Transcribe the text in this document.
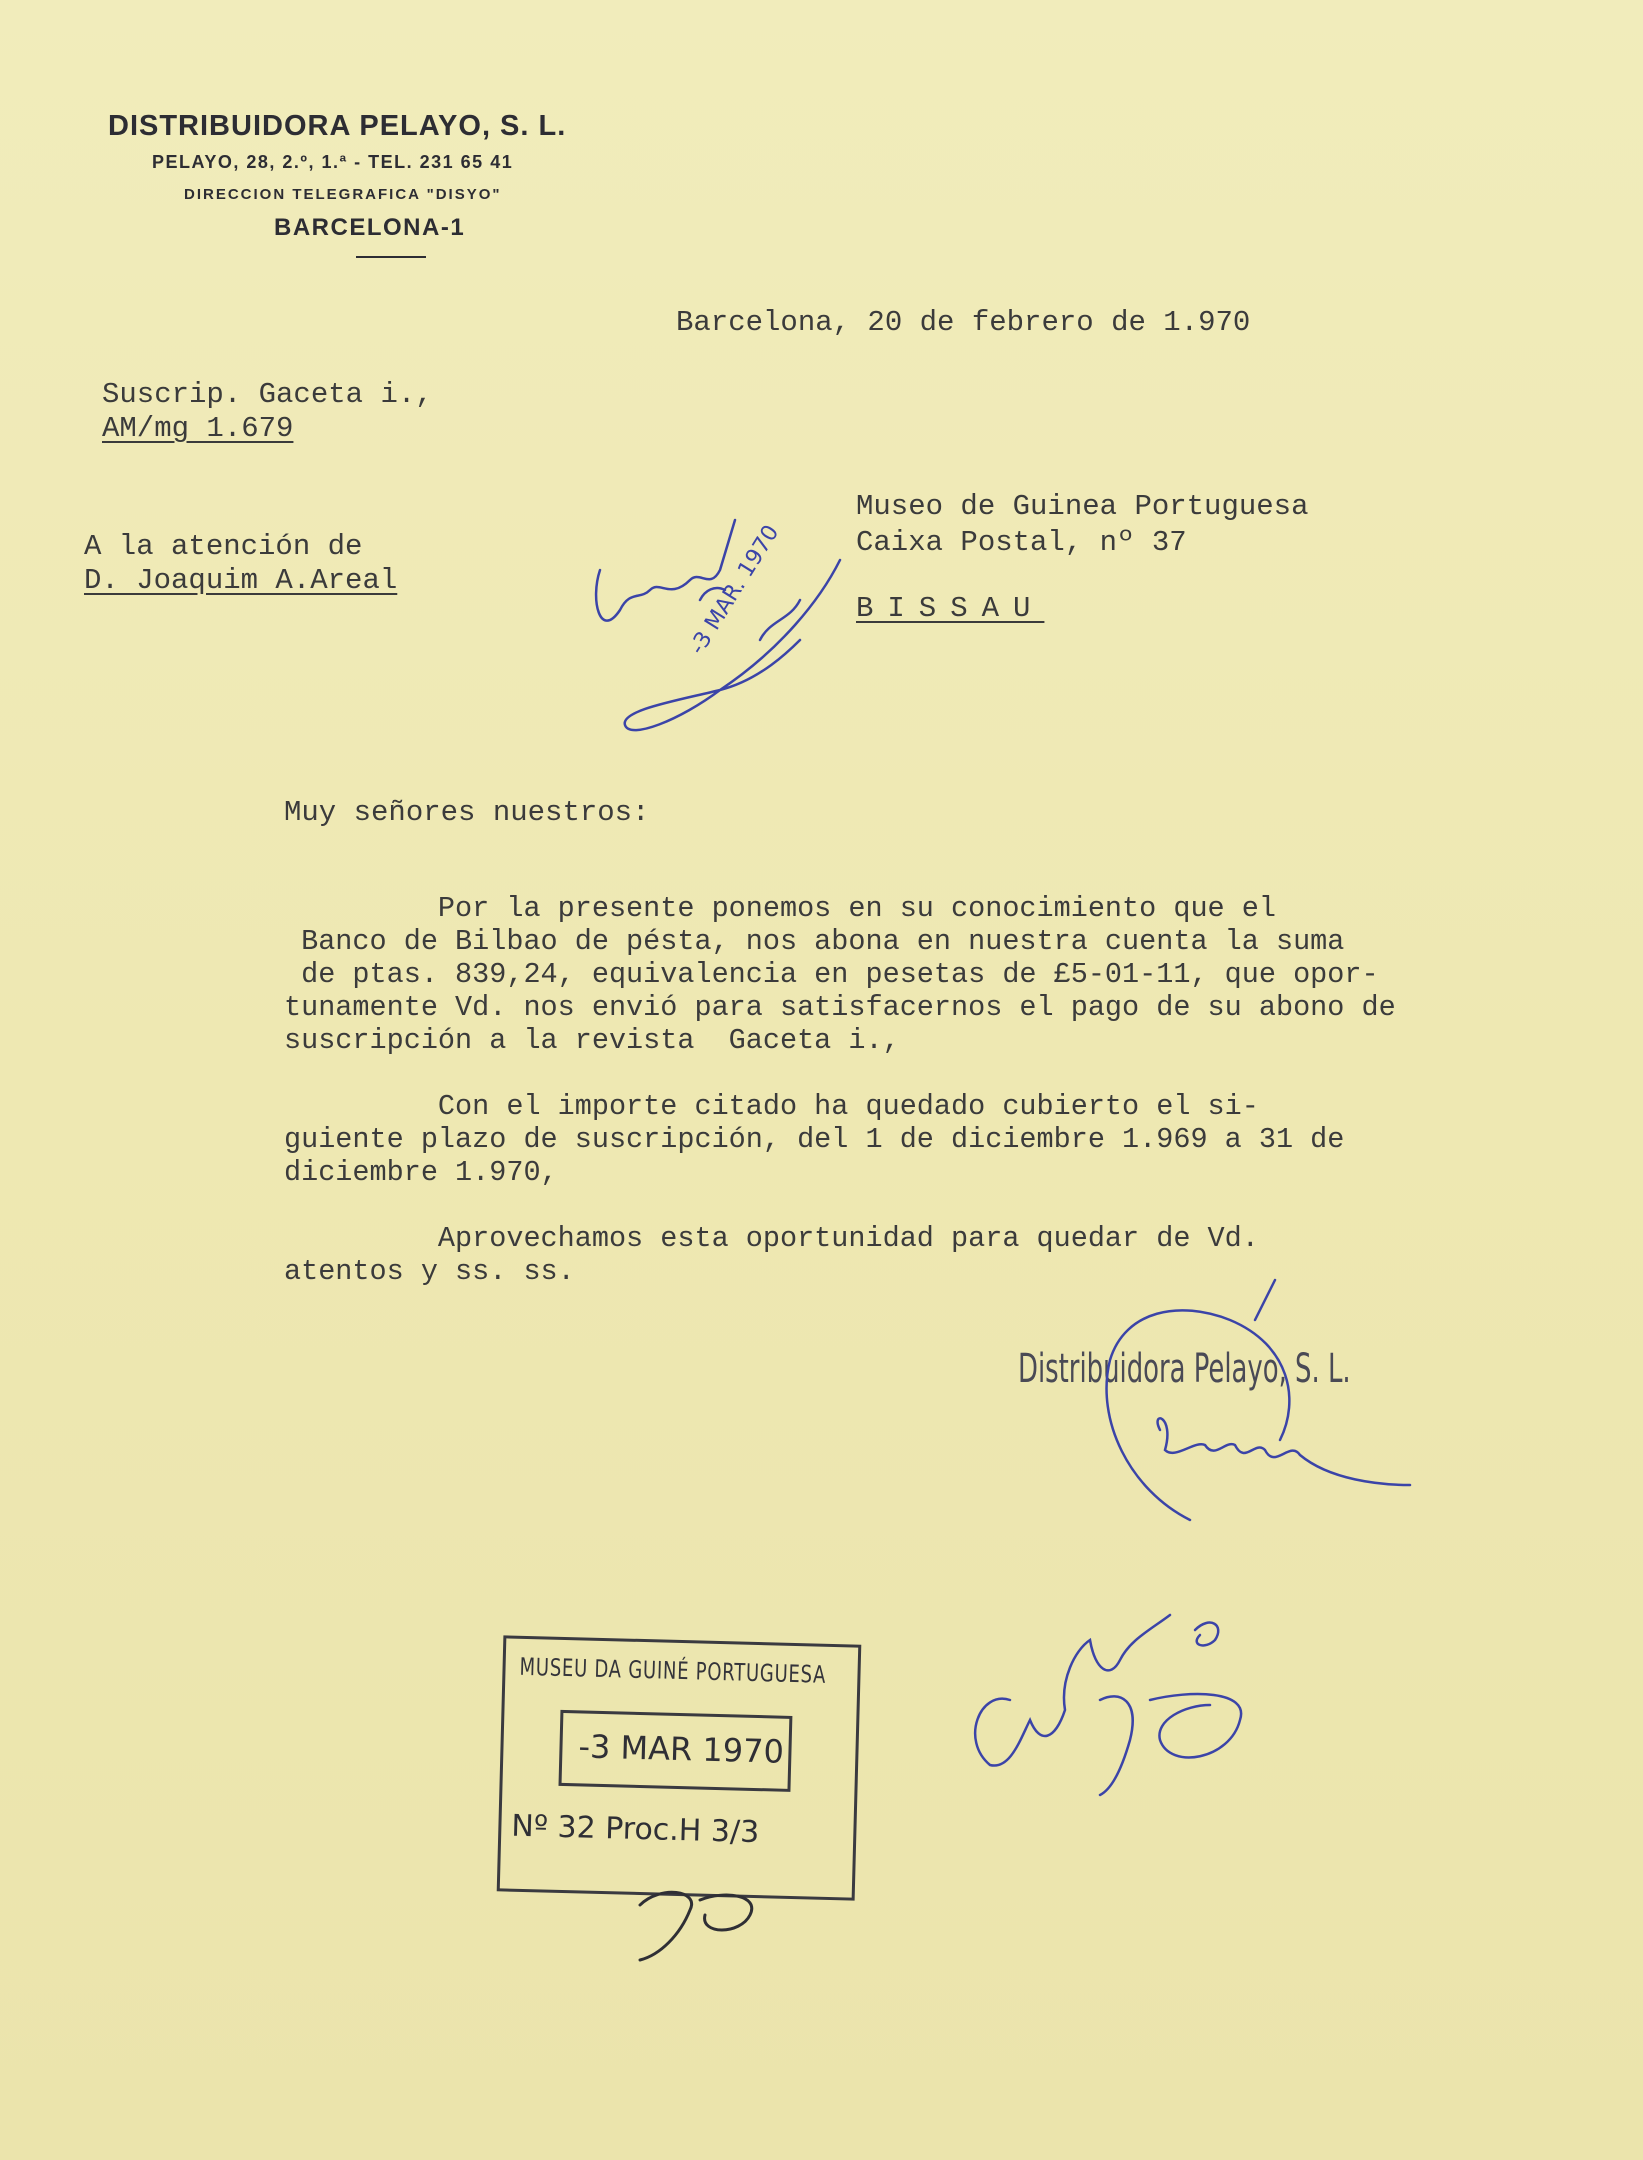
DISTRIBUIDORA PELAYO, S. L.
PELAYO, 28, 2.º, 1.ª - TEL. 231 65 41
DIRECCION TELEGRAFICA "DISYO"
BARCELONA-1
Barcelona, 20 de febrero de 1.970
Suscrip. Gaceta i.,
AM/mg 1.679
A la atención de
D. Joaquim A.Areal
Museo de Guinea Portuguesa
Caixa Postal, nº 37
BISSAU
Muy señores nuestros:
Por la presente ponemos en su conocimiento que el
Banco de Bilbao de pésta, nos abona en nuestra cuenta la suma
de ptas. 839,24, equivalencia en pesetas de £5-01-11, que opor-
tunamente Vd. nos envió para satisfacernos el pago de su abono de
suscripción a la revista  Gaceta i.,
Con el importe citado ha quedado cubierto el si-
guiente plazo de suscripción, del 1 de diciembre 1.969 a 31 de
diciembre 1.970,
Aprovechamos esta oportunidad para quedar de Vd.
atentos y ss. ss.
Distribuidora Pelayo, S. L.
MUSEU DA GUINÉ PORTUGUESA
-3 MAR 1970
Nº 32 Proc.H 3/3
-3 MAR. 1970
